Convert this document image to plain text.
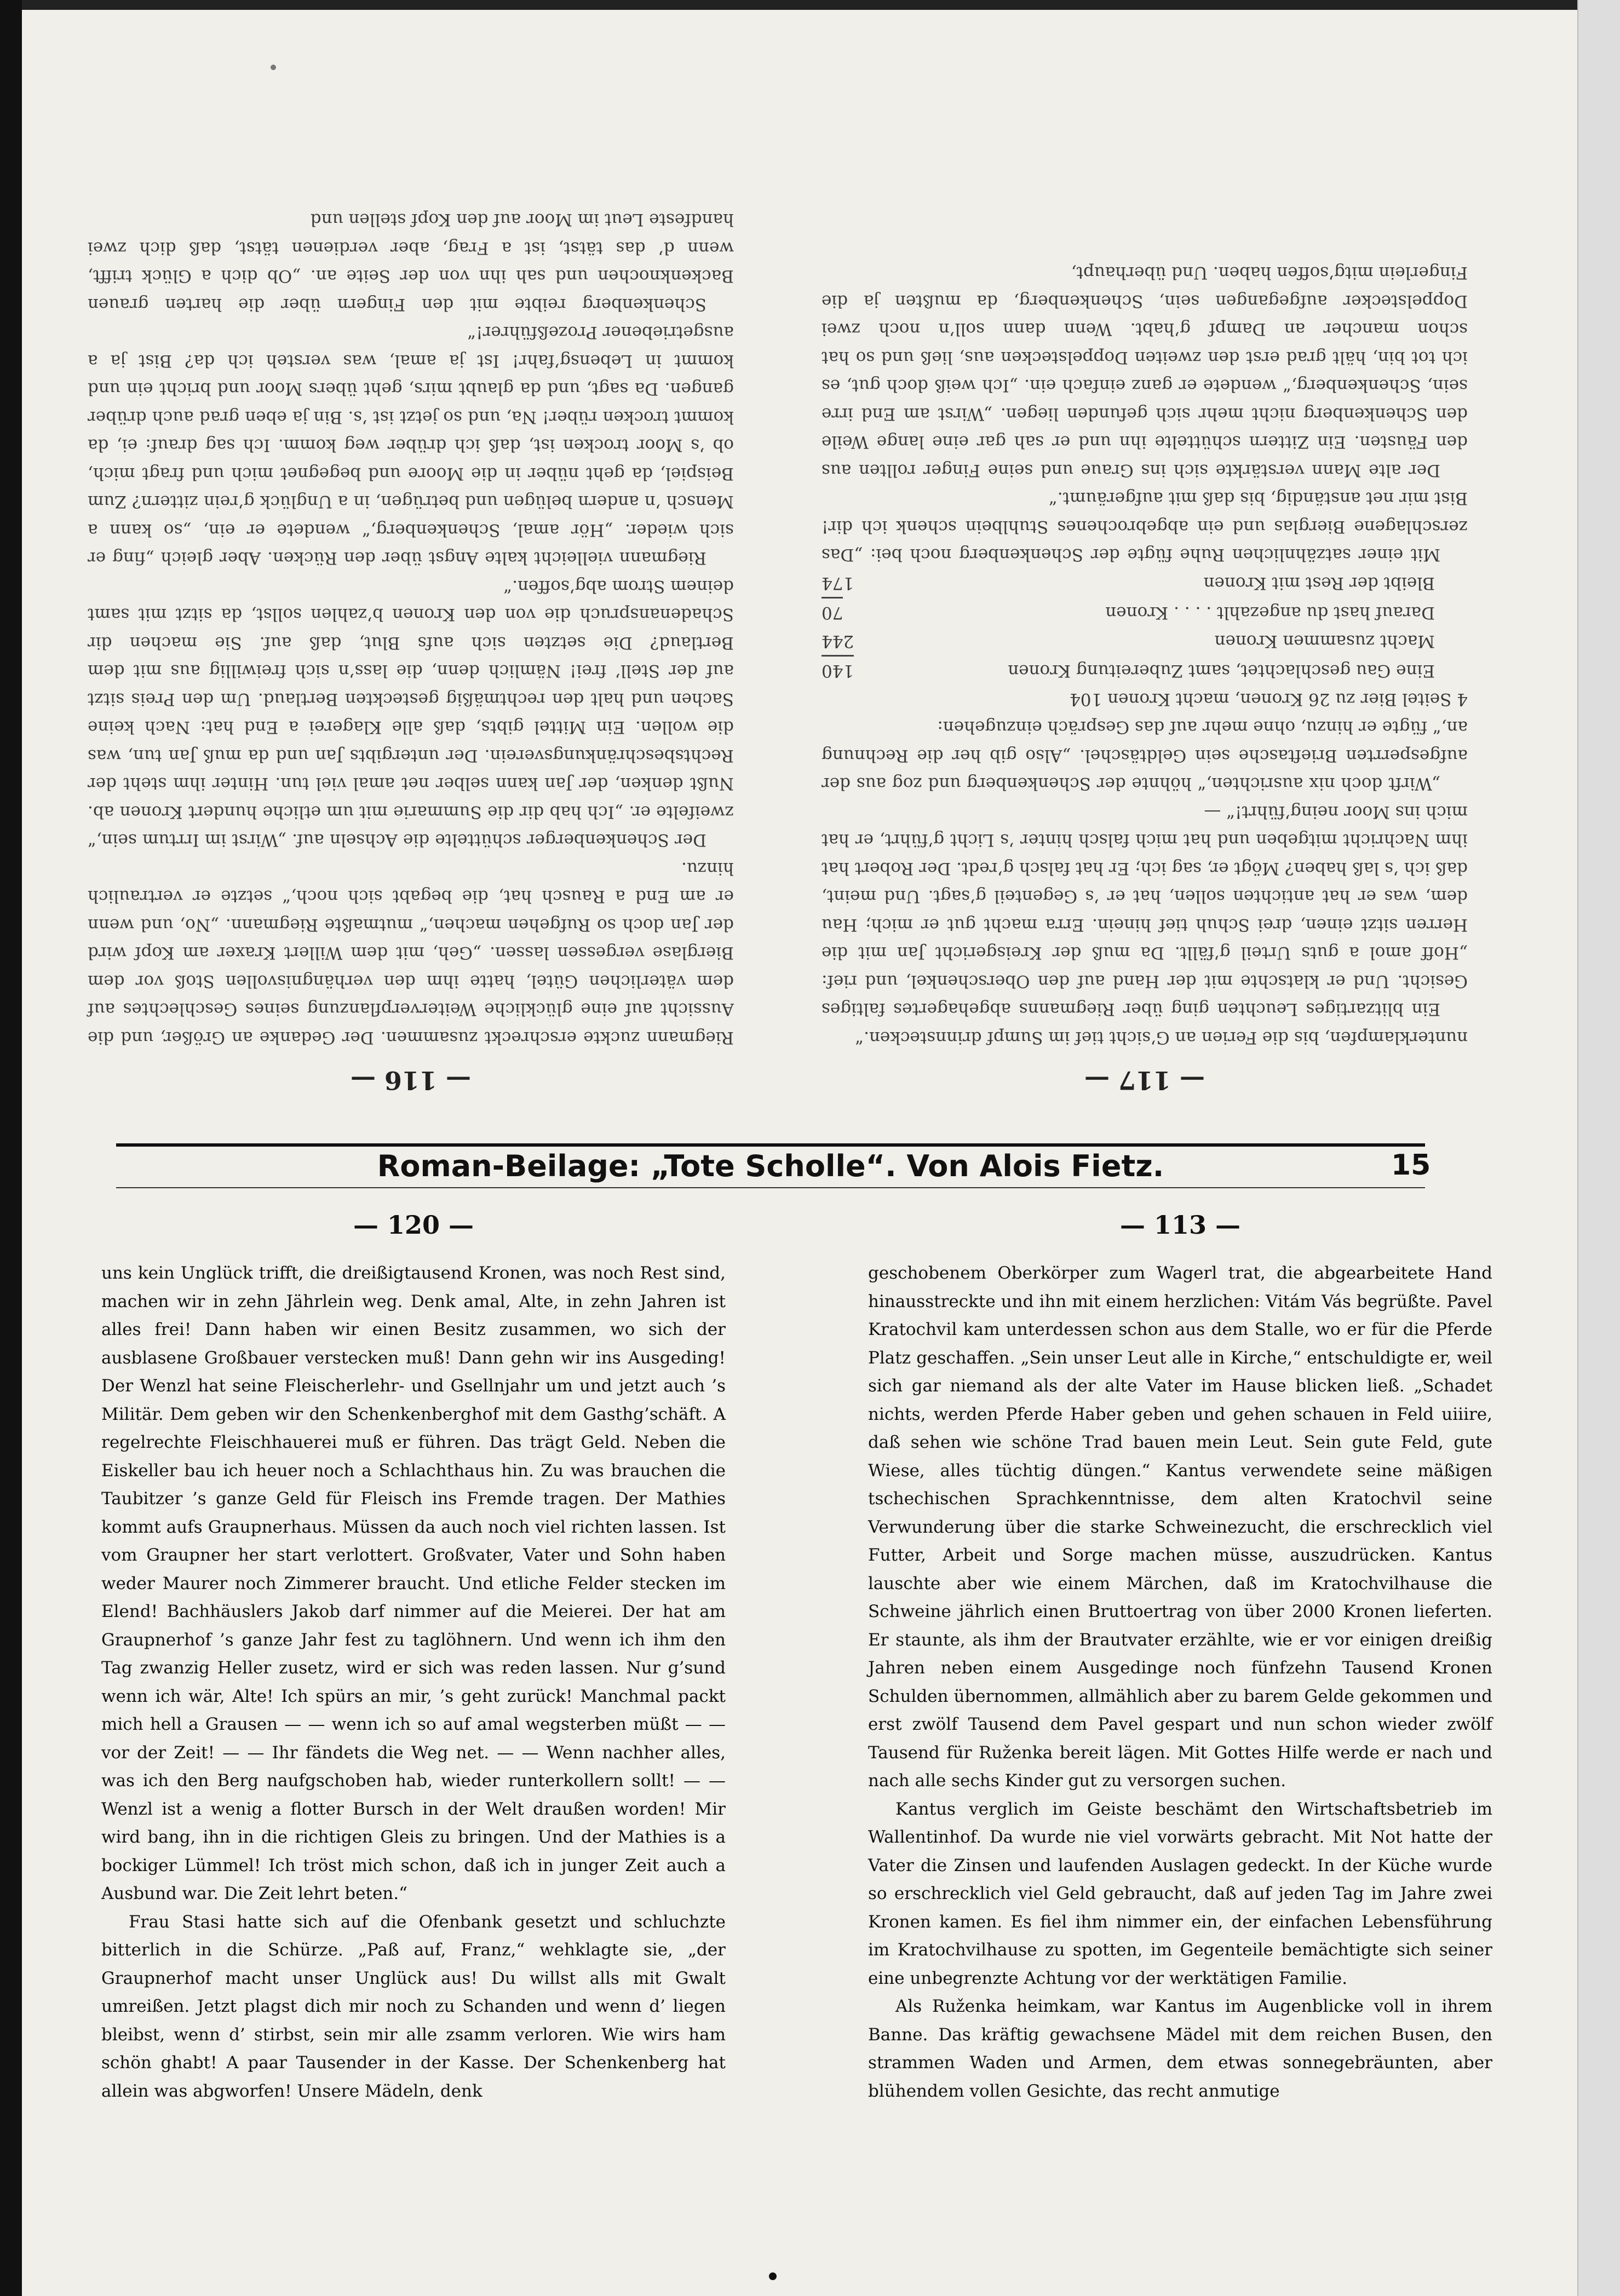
— 117 —

nunterklampfen, bis die Ferien an G’sicht tief im Sumpf drinnstecken.“

Ein blitzartiges Leuchten ging über Riegmanns abgehagertes faltiges Gesicht. Und er klatschte mit der Hand auf den Oberschenkel, und rief: „Hoff amol a guts Urteil g’fällt. Da muß der Kreisgericht Jan mit die Herren sitzt einen, drei Schuh tief hinein. Erra macht gut er mich; Hau dem, was er hat antichten sollen, hat er ’s Gegenteil g’sagt. Und meint, daß ich ’s laß haben? Mögt er, sag ich; Er hat falsch g’redt. Der Robert hat ihm Nachricht mitgeben und hat mich falsch hinter ’s Licht g’führt, er hat mich ins Moor neing’führt!“ —

„Wirft doch nix ausrichten,“ höhnte der Schenkenberg und zog aus der aufgesperrten Brieftasche sein Geldtäschel. „Also gib her die Rechnung an,“ fügte er hinzu, ohne mehr auf das Gespräch einzugehen:

4 Seitel Bier zu 26 Kronen, macht Kronen 104

Eine Gau geschlachtet, samt Zubereitung Kronen
140
Macht zusammen Kronen
244
Darauf hast du angezahlt . . . . Kronen
70
Bleibt der Rest mit Kronen
174

Mit einer satzähnlichen Ruhe fügte der Schenkenberg noch bei: „Das zerschlagene Bierglas und ein abgebrochenes Stuhlbein schenk ich dir! Bist mir net anständig, bis daß mit aufgeräumt.“

Der alte Mann verstärkte sich ins Graue und seine Finger rollten aus den Fäusten. Ein Zittern schüttelte ihn und er sah gar eine lange Weile den Schenkenberg nicht mehr sich gefunden liegen. „Wirst am End irre sein, Schenkenberg,“ wendete er ganz einfach ein. „Ich weiß doch gut, es ich tot bin, hält grad erst den zweiten Doppelstecken aus, ließ und so hat schon mancher an Dampf g’habt. Wenn dann soll’n noch zwei Doppelstecker aufgegangen sein, Schenkenberg, da mußten ja die Fingerlein mitg’soffen haben. Und überhaupt,

— 116 —

Riegmann zuckte erschreckt zusammen. Der Gedanke an Größer, und die Aussicht auf eine glückliche Weiterverpflanzung seines Geschlechtes auf dem väterlichen Gütel, hatte ihm den verhängnisvollen Stoß vor dem Bierglase vergessen lassen. „Geh, mit dem Willert Kraxer am Kopf wird der Jan doch so Rufgehen machen,“ mutmaßte Riegmann. „No, und wenn er am End a Rausch hat, die begabt sich noch,“ setzte er vertraulich hinzu.

Der Schenkenberger schüttelte die Achseln auf. „Wirst im Irrtum sein,“ zweifelte er. „Ich hab dir die Summarie mit um etliche hundert Kronen ab. Nußt denken, der Jan kann selber net amal viel tun. Hinter ihm steht der Rechtsbeschränkungsverein. Der untergibts Jan und da muß Jan tun, was die wollen. Ein Mittel gibts, daß alle Klagerei a End hat: Nach keine Sachen und halt den rechtmäßig gesteckten Bertlaud. Um den Preis sitzt auf der Stell’ frei! Nämlich denn, die lass’n sich freiwillig aus mit dem Bertlaud? Die setzten sich aufs Blut, daß auf. Sie machen dir Schadenanspruch die von den Kronen b’zahlen sollst, da sitzt mit samt deinem Strom abg’soffen.“

Riegmann vielleicht kalte Angst über den Rücken. Aber gleich „fing er sich wieder. „Hör amal, Schenkenberg,“ wendete er ein, „so kann a Mensch ’n andern belügen und betrügen, in a Unglück g’rein zittern? Zum Beispiel, da geht nüber in die Moore und begegnet mich und fragt mich, ob ’s Moor trocken ist, daß ich drüber weg komm. Ich sag drauf: ei, da kommt trocken rüber! Na, und so jetzt ist ’s. Bin ja eben grad auch drüber gangen. Da sagt, und da glaubt mirs, geht übers Moor und bricht ein und kommt in Lebensg’fahr! Ist ja amal, was versteh ich da? Bist ja a ausgetriebener Prozeßführer!“

Schenkenberg reibte mit den Fingern über die harten grauen Backenknochen und sah ihn von der Seite an. „Ob dich a Glück trifft, wenn d’ das tätst, ist a Frag, aber verdienen tätst, daß dich zwei handfeste Leut im Moor auf den Kopf stellen und

Roman-Beilage: „Tote Scholle“. Von Alois Fietz.	15
— 120 —

uns kein Unglück trifft, die dreißigtausend Kronen, was noch Rest sind, machen wir in zehn Jährlein weg. Denk amal, Alte, in zehn Jahren ist alles frei! Dann haben wir einen Besitz zusammen, wo sich der ausblasene Großbauer verstecken muß! Dann gehn wir ins Ausgeding! Der Wenzl hat seine Fleischerlehr- und Gsellnjahr um und jetzt auch ’s Militär. Dem geben wir den Schenkenberghof mit dem Gasthg’schäft. A regelrechte Fleischhauerei muß er führen. Das trägt Geld. Neben die Eiskeller bau ich heuer noch a Schlachthaus hin. Zu was brauchen die Taubitzer ’s ganze Geld für Fleisch ins Fremde tragen. Der Mathies kommt aufs Graupnerhaus. Müssen da auch noch viel richten lassen. Ist vom Graupner her start verlottert. Großvater, Vater und Sohn haben weder Maurer noch Zimmerer braucht. Und etliche Felder stecken im Elend! Bachhäuslers Jakob darf nimmer auf die Meierei. Der hat am Graupnerhof ’s ganze Jahr fest zu taglöhnern. Und wenn ich ihm den Tag zwanzig Heller zusetz, wird er sich was reden lassen. Nur g’sund wenn ich wär, Alte! Ich spürs an mir, ’s geht zurück! Manchmal packt mich hell a Grausen — — wenn ich so auf amal wegsterben müßt — — vor der Zeit! — — Ihr fändets die Weg net. — — Wenn nachher alles, was ich den Berg naufgschoben hab, wieder runterkollern sollt! — — Wenzl ist a wenig a flotter Bursch in der Welt draußen worden! Mir wird bang, ihn in die richtigen Gleis zu bringen. Und der Mathies is a bockiger Lümmel! Ich tröst mich schon, daß ich in junger Zeit auch a Ausbund war. Die Zeit lehrt beten.“

Frau Stasi hatte sich auf die Ofenbank gesetzt und schluchzte bitterlich in die Schürze. „Paß auf, Franz,“ wehklagte sie, „der Graupnerhof macht unser Unglück aus! Du willst alls mit Gwalt umreißen. Jetzt plagst dich mir noch zu Schanden und wenn d’ liegen bleibst, wenn d’ stirbst, sein mir alle zsamm verloren. Wie wirs ham schön ghabt! A paar Tausender in der Kasse. Der Schenkenberg hat allein was abgworfen! Unsere Mädeln, denk

— 113 —

geschobenem Oberkörper zum Wagerl trat, die abgearbeitete Hand hinausstreckte und ihn mit einem herzlichen: Vitám Vás begrüßte. Pavel Kratochvil kam unterdessen schon aus dem Stalle, wo er für die Pferde Platz geschaffen. „Sein unser Leut alle in Kirche,“ entschuldigte er, weil sich gar niemand als der alte Vater im Hause blicken ließ. „Schadet nichts, werden Pferde Haber geben und gehen schauen in Feld uiiire, daß sehen wie schöne Trad bauen mein Leut. Sein gute Feld, gute Wiese, alles tüchtig düngen.“ Kantus verwendete seine mäßigen tschechischen Sprachkenntnisse, dem alten Kratochvil seine Verwunderung über die starke Schweinezucht, die erschrecklich viel Futter, Arbeit und Sorge machen müsse, auszudrücken. Kantus lauschte aber wie einem Märchen, daß im Kratochvilhause die Schweine jährlich einen Bruttoertrag von über 2000 Kronen lieferten. Er staunte, als ihm der Brautvater erzählte, wie er vor einigen dreißig Jahren neben einem Ausgedinge noch fünfzehn Tausend Kronen Schulden übernommen, allmählich aber zu barem Gelde gekommen und erst zwölf Tausend dem Pavel gespart und nun schon wieder zwölf Tausend für Ruženka bereit lägen. Mit Gottes Hilfe werde er nach und nach alle sechs Kinder gut zu versorgen suchen.

Kantus verglich im Geiste beschämt den Wirtschaftsbetrieb im Wallentinhof. Da wurde nie viel vorwärts gebracht. Mit Not hatte der Vater die Zinsen und laufenden Auslagen gedeckt. In der Küche wurde so erschrecklich viel Geld gebraucht, daß auf jeden Tag im Jahre zwei Kronen kamen. Es fiel ihm nimmer ein, der einfachen Lebensführung im Kratochvilhause zu spotten, im Gegenteile bemächtigte sich seiner eine unbegrenzte Achtung vor der werktätigen Familie.

Als Ruženka heimkam, war Kantus im Augenblicke voll in ihrem Banne. Das kräftig gewachsene Mädel mit dem reichen Busen, den strammen Waden und Armen, dem etwas sonnegebräunten, aber blühendem vollen Gesichte, das recht anmutige
